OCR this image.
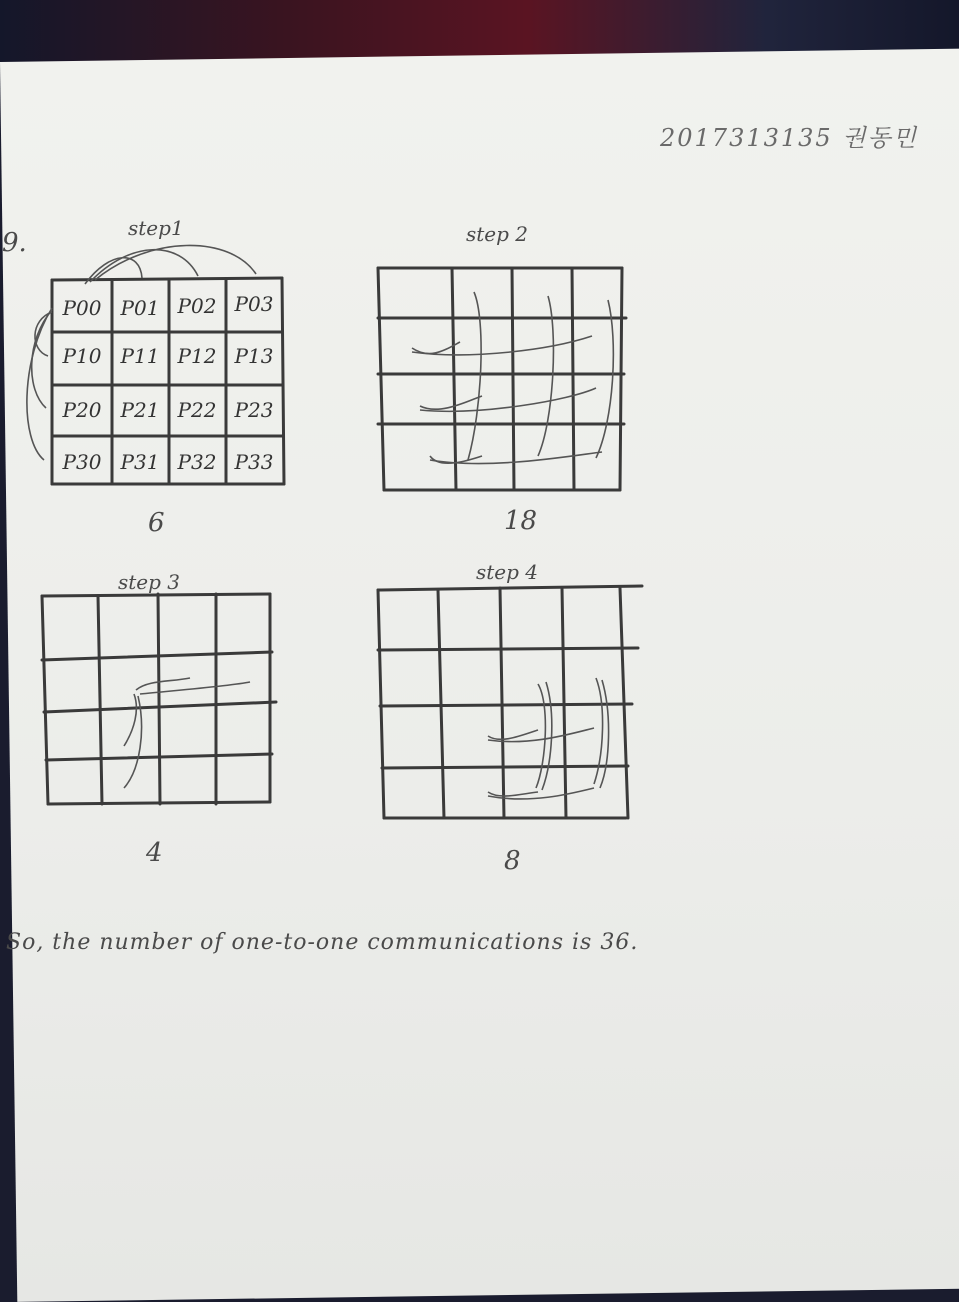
2017313135 권동민
9.	step1
P00 P01 P02 P03
P10 P11 P12 P13
P20 P21 P22 P23
P30 P31 P32 P33
6
step 2
18
step 3
4
step 4
8
So, the number of one-to-one communications is 36.
